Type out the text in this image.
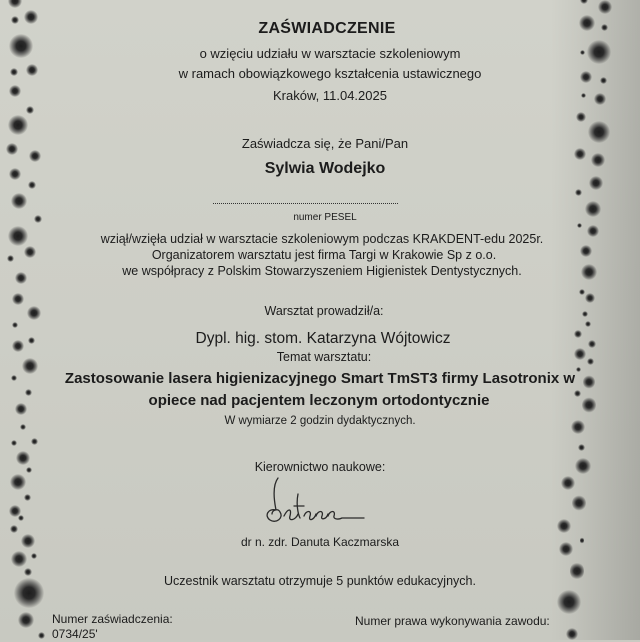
ZAŚWIADCZENIE
o wzięciu udziału w warsztacie szkoleniowym
w ramach obowiązkowego kształcenia ustawicznego
Kraków, 11.04.2025
Zaświadcza się, że Pani/Pan
Sylwia Wodejko
numer PESEL
wziął/wzięła udział w warsztacie szkoleniowym podczas KRAKDENT-edu 2025r.
Organizatorem warsztatu jest firma Targi w Krakowie Sp z o.o.
we współpracy z Polskim Stowarzyszeniem Higienistek Dentystycznych.
Warsztat prowadził/a:
Dypl. hig. stom. Katarzyna Wójtowicz
Temat warsztatu:
Zastosowanie lasera higienizacyjnego Smart TmST3 firmy Lasotronix w
opiece nad pacjentem leczonym ortodontycznie
W wymiarze 2 godzin dydaktycznych.
Kierownictwo naukowe:
dr n. zdr. Danuta Kaczmarska
Uczestnik warsztatu otrzymuje 5 punktów edukacyjnych.
Numer zaświadczenia:
0734/25'
Numer prawa wykonywania zawodu:
